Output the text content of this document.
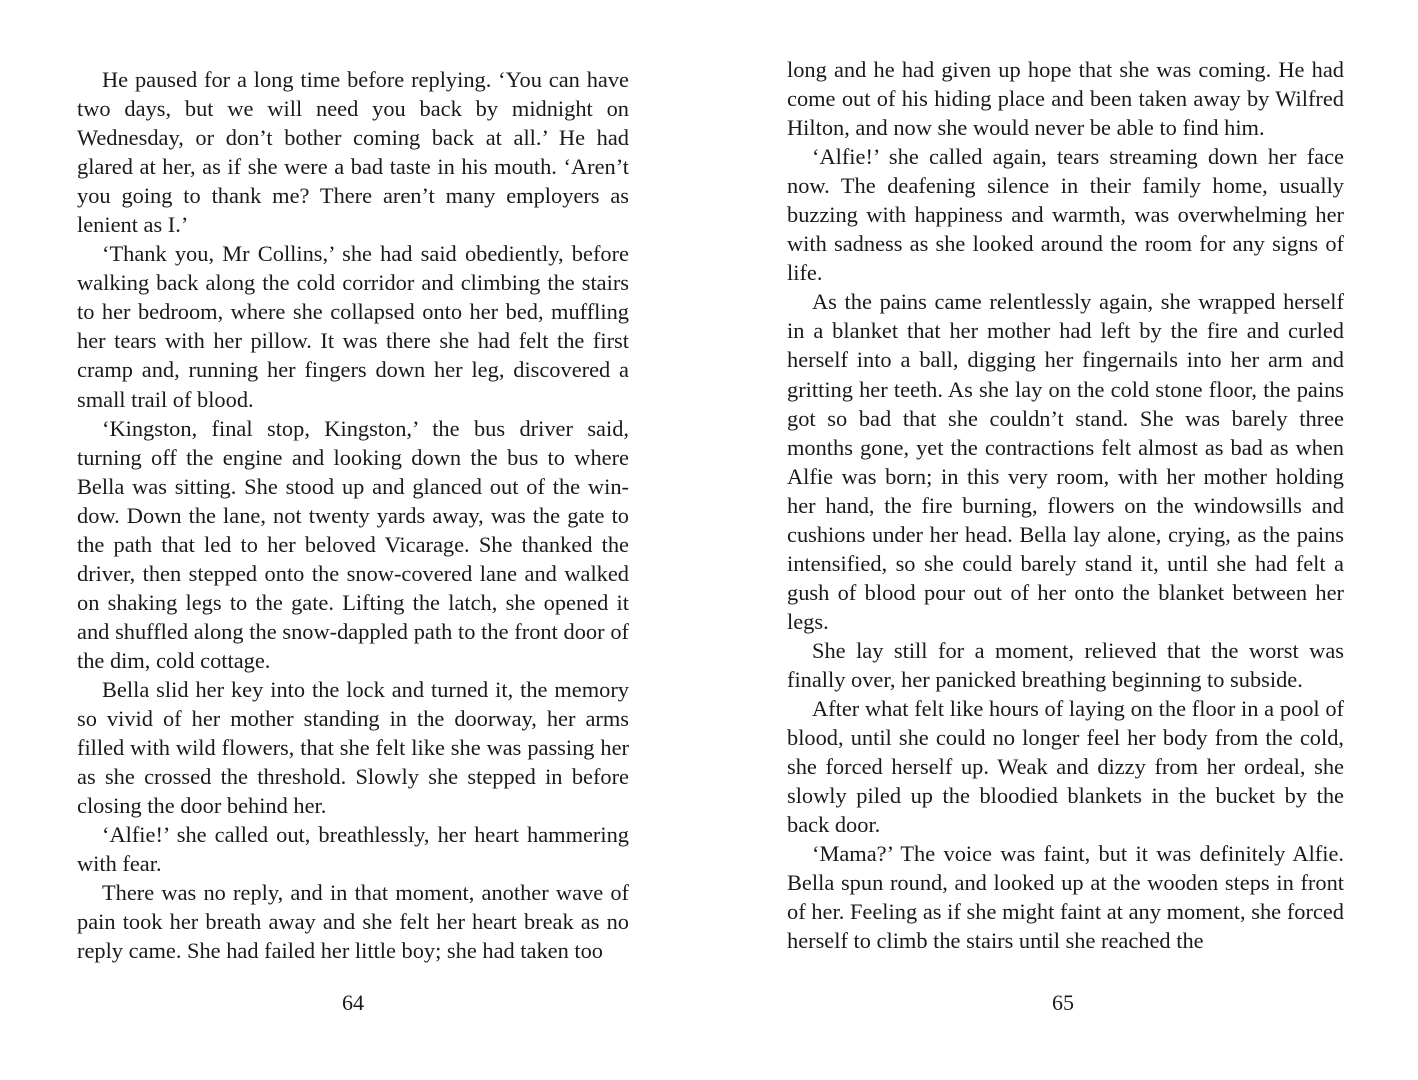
He paused for a long time before replying. ‘You can have two days, but we will need you back by midnight on Wednesday, or don’t bother coming back at all.’ He had glared at her, as if she were a bad taste in his mouth. ‘Aren’t you going to thank me? There aren’t many employers as lenient as I.’

‘Thank you, Mr Collins,’ she had said obediently, before walking back along the cold corridor and climbing the stairs to her bedroom, where she collapsed onto her bed, muffling her tears with her pillow. It was there she had felt the first cramp and, running her fingers down her leg, discovered a small trail of blood.

‘Kingston, final stop, Kingston,’ the bus driver said, turning off the engine and looking down the bus to where Bella was sitting. She stood up and glanced out of the window. Down the lane, not twenty yards away, was the gate to the path that led to her beloved Vicarage. She thanked the driver, then stepped onto the snow-covered lane and walked on shaking legs to the gate. Lifting the latch, she opened it and shuffled along the snow-dappled path to the front door of the dim, cold cottage.

Bella slid her key into the lock and turned it, the memory so vivid of her mother standing in the doorway, her arms filled with wild flowers, that she felt like she was passing her as she crossed the threshold. Slowly she stepped in before closing the door behind her.

‘Alfie!’ she called out, breathlessly, her heart hammering with fear.

There was no reply, and in that moment, another wave of pain took her breath away and she felt her heart break as no reply came. She had failed her little boy; she had taken too

64

long and he had given up hope that she was coming. He had come out of his hiding place and been taken away by Wilfred Hilton, and now she would never be able to find him.

‘Alfie!’ she called again, tears streaming down her face now. The deafening silence in their family home, usually buzzing with happiness and warmth, was overwhelming her with sadness as she looked around the room for any signs of life.

As the pains came relentlessly again, she wrapped herself in a blanket that her mother had left by the fire and curled herself into a ball, digging her fingernails into her arm and gritting her teeth. As she lay on the cold stone floor, the pains got so bad that she couldn’t stand. She was barely three months gone, yet the contractions felt almost as bad as when Alfie was born; in this very room, with her mother holding her hand, the fire burning, flowers on the windowsills and cushions under her head. Bella lay alone, crying, as the pains intensified, so she could barely stand it, until she had felt a gush of blood pour out of her onto the blanket between her legs.

She lay still for a moment, relieved that the worst was finally over, her panicked breathing beginning to subside.

After what felt like hours of laying on the floor in a pool of blood, until she could no longer feel her body from the cold, she forced herself up. Weak and dizzy from her ordeal, she slowly piled up the bloodied blankets in the bucket by the back door.

‘Mama?’ The voice was faint, but it was definitely Alfie. Bella spun round, and looked up at the wooden steps in front of her. Feeling as if she might faint at any moment, she forced herself to climb the stairs until she reached the

65
